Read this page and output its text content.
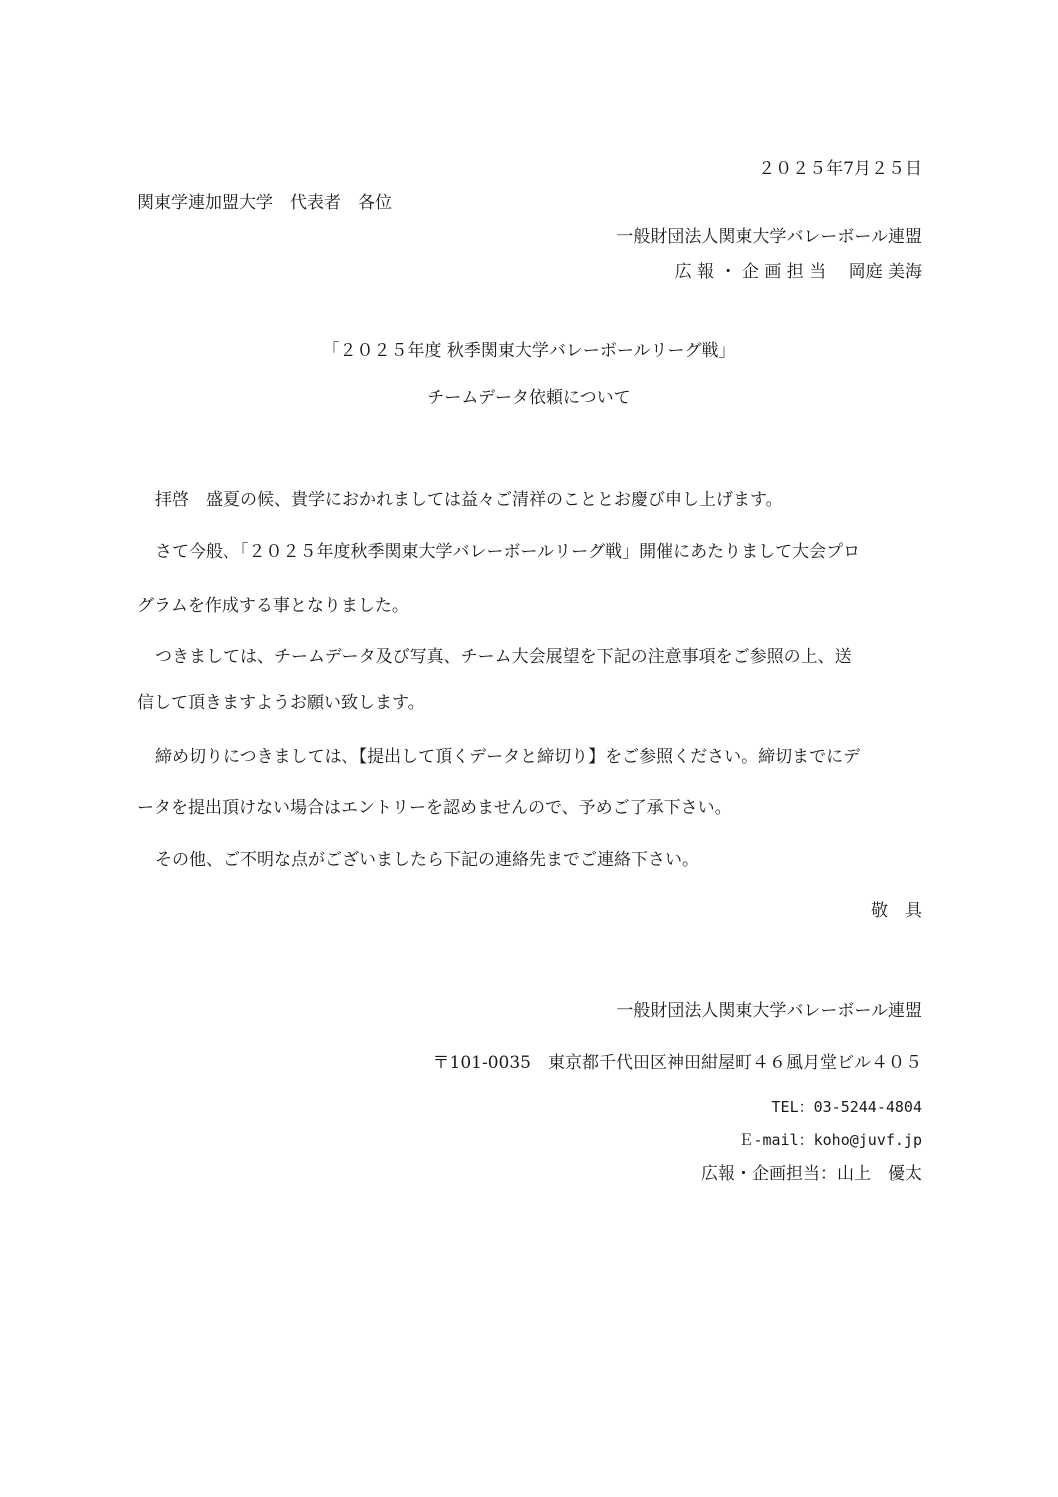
２０２５年7月２５日
関東学連加盟大学　代表者　各位
一般財団法人関東大学バレーボール連盟
広 報 ・ 企 画 担 当　 岡庭 美海
「２０２５年度 秋季関東大学バレーボールリーグ戦」
チームデータ依頼について
拝啓　盛夏の候、貴学におかれましては益々ご清祥のこととお慶び申し上げます。
さて今般､「２０２５年度秋季関東大学バレーボールリーグ戦」開催にあたりまして大会プロ
グラムを作成する事となりました。
つきましては、チームデータ及び写真、チーム大会展望を下記の注意事項をご参照の上、送
信して頂きますようお願い致します。
締め切りにつきましては､【提出して頂くデータと締切り】をご参照ください。締切までにデ
ータを提出頂けない場合はエントリーを認めませんので、予めご了承下さい。
その他、ご不明な点がございましたら下記の連絡先までご連絡下さい。
敬　具
一般財団法人関東大学バレーボール連盟
〒101-0035　東京都千代田区神田紺屋町４６風月堂ビル４０５
TEL：03-5244-4804
Ｅ-mail：koho@juvf.jp
広報・企画担当：山上　優太
